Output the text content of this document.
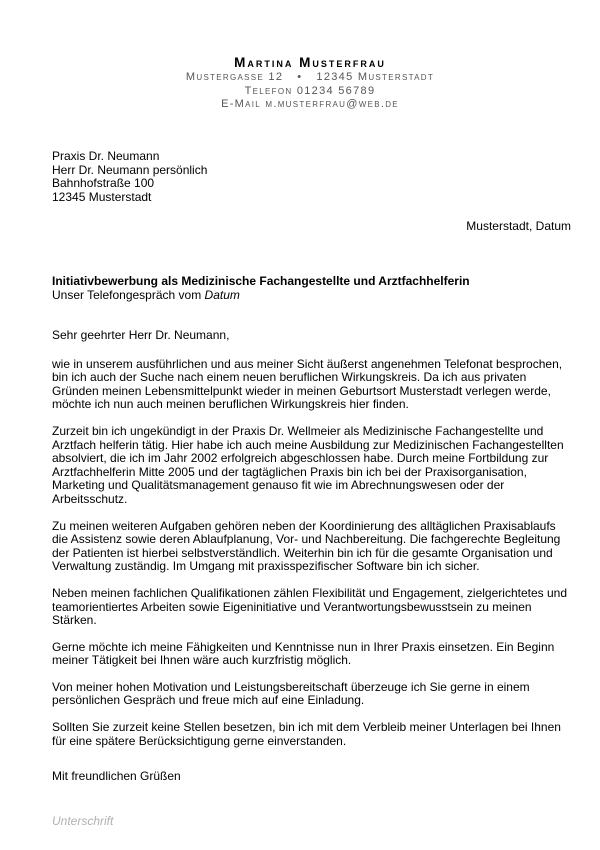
Martina Musterfrau

Mustergasse 12 • 12345 Musterstadt

Telefon 01234 56789

E-Mail m.musterfrau@web.de

Praxis Dr. Neumann
Herr Dr. Neumann persönlich
Bahnhofstraße 100
12345 Musterstadt
Musterstadt, Datum
Initiativbewerbung als Medizinische Fachangestellte und Arztfachhelferin
Unser Telefongespräch vom Datum

Sehr geehrter Herr Dr. Neumann,

wie in unserem ausführlichen und aus meiner Sicht äußerst angenehmen Telefonat besprochen,

bin ich auch der Suche nach einem neuen beruflichen Wirkungskreis. Da ich aus privaten

Gründen meinen Lebensmittelpunkt wieder in meinen Geburtsort Musterstadt verlegen werde,

möchte ich nun auch meinen beruflichen Wirkungskreis hier finden.

Zurzeit bin ich ungekündigt in der Praxis Dr. Wellmeier als Medizinische Fachangestellte und

Arztfach helferin tätig. Hier habe ich auch meine Ausbildung zur Medizinischen Fachangestellten

absolviert, die ich im Jahr 2002 erfolgreich abgeschlossen habe. Durch meine Fortbildung zur

Arztfachhelferin Mitte 2005 und der tagtäglichen Praxis bin ich bei der Praxisorganisation,

Marketing und Qualitätsmanagement genauso fit wie im Abrechnungswesen oder der

Arbeitsschutz.

Zu meinen weiteren Aufgaben gehören neben der Koordinierung des alltäglichen Praxisablaufs

die Assistenz sowie deren Ablaufplanung, Vor- und Nachbereitung. Die fachgerechte Begleitung

der Patienten ist hierbei selbstverständlich. Weiterhin bin ich für die gesamte Organisation und

Verwaltung zuständig. Im Umgang mit praxisspezifischer Software bin ich sicher.

Neben meinen fachlichen Qualifikationen zählen Flexibilität und Engagement, zielgerichtetes und

teamorientiertes Arbeiten sowie Eigeninitiative und Verantwortungsbewusstsein zu meinen

Stärken.

Gerne möchte ich meine Fähigkeiten und Kenntnisse nun in Ihrer Praxis einsetzen. Ein Beginn

meiner Tätigkeit bei Ihnen wäre auch kurzfristig möglich.

Von meiner hohen Motivation und Leistungsbereitschaft überzeuge ich Sie gerne in einem

persönlichen Gespräch und freue mich auf eine Einladung.

Sollten Sie zurzeit keine Stellen besetzen, bin ich mit dem Verbleib meiner Unterlagen bei Ihnen

für eine spätere Berücksichtigung gerne einverstanden.

Mit freundlichen Grüßen
Unterschrift
